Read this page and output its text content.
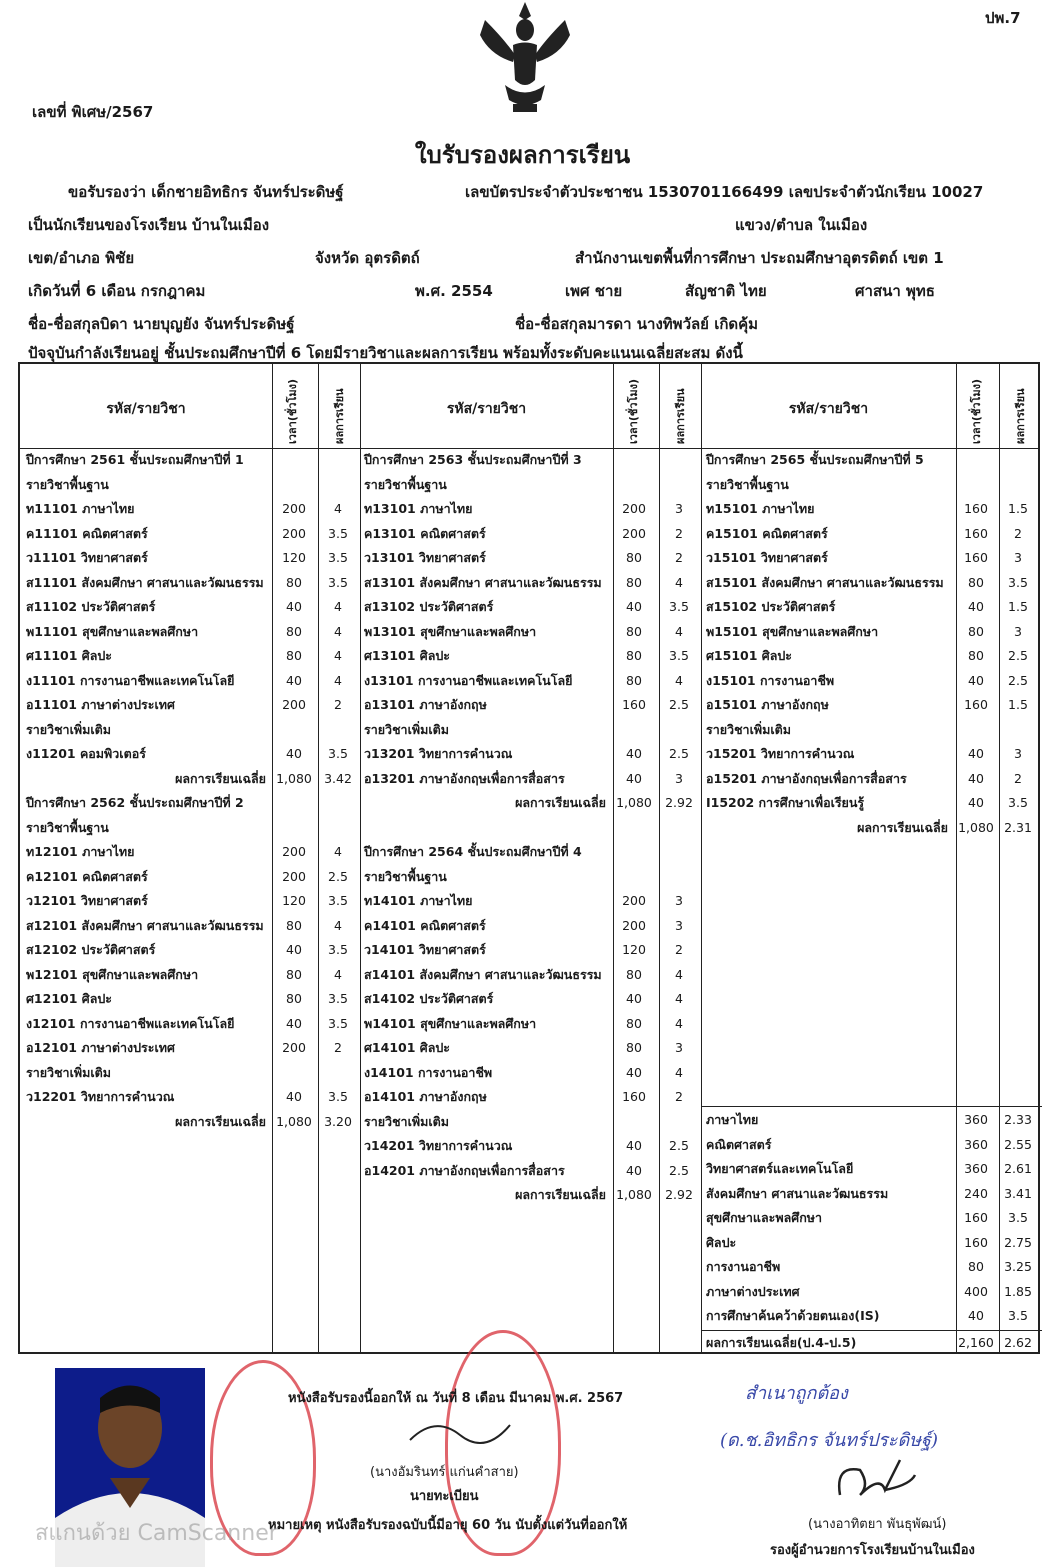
ปพ.7
เลขที่ พิเศษ/2567
ใบรับรองผลการเรียน
ขอรับรองว่า เด็กชายอิทธิกร จันทร์ประดิษฐ์	เลขบัตรประจำตัวประชาชน 1530701166499 เลขประจำตัวนักเรียน 10027
เป็นนักเรียนของโรงเรียน บ้านในเมือง	แขวง/ตำบล ในเมือง
เขต/อำเภอ พิชัย	จังหวัด อุตรดิตถ์	สำนักงานเขตพื้นที่การศึกษา ประถมศึกษาอุตรดิตถ์ เขต 1
เกิดวันที่ 6 เดือน กรกฎาคม	พ.ศ. 2554	เพศ ชาย	สัญชาติ ไทย	ศาสนา พุทธ
ชื่อ-ชื่อสกุลบิดา นายบุญยัง จันทร์ประดิษฐ์	ชื่อ-ชื่อสกุลมารดา นางทิพวัลย์ เกิดคุ้ม
ปัจจุบันกำลังเรียนอยู่ ชั้นประถมศึกษาปีที่ 6 โดยมีรายวิชาและผลการเรียน พร้อมทั้งระดับคะแนนเฉลี่ยสะสม ดังนี้
รหัส/รายวิชา	เวลา(ชั่วโมง)	ผลการเรียน	รหัส/รายวิชา	เวลา(ชั่วโมง)	ผลการเรียน	รหัส/รายวิชา	เวลา(ชั่วโมง)	ผลการเรียน
ปีการศึกษา 2561 ชั้นประถมศึกษาปีที่ 1
รายวิชาพื้นฐาน
ท11101 ภาษาไทย	200	4
ค11101 คณิตศาสตร์	200	3.5
ว11101 วิทยาศาสตร์	120	3.5
ส11101 สังคมศึกษา ศาสนาและวัฒนธรรม	80	3.5
ส11102 ประวัติศาสตร์	40	4
พ11101 สุขศึกษาและพลศึกษา	80	4
ศ11101 ศิลปะ	80	4
ง11101 การงานอาชีพและเทคโนโลยี	40	4
อ11101 ภาษาต่างประเทศ	200	2
รายวิชาเพิ่มเติม
ง11201 คอมพิวเตอร์	40	3.5
ผลการเรียนเฉลี่ย 1,080 3.42
ปีการศึกษา 2562 ชั้นประถมศึกษาปีที่ 2
รายวิชาพื้นฐาน
ท12101 ภาษาไทย	200	4
ค12101 คณิตศาสตร์	200	2.5
ว12101 วิทยาศาสตร์	120	3.5
ส12101 สังคมศึกษา ศาสนาและวัฒนธรรม	80	4
ส12102 ประวัติศาสตร์	40	3.5
พ12101 สุขศึกษาและพลศึกษา	80	4
ศ12101 ศิลปะ	80	3.5
ง12101 การงานอาชีพและเทคโนโลยี	40	3.5
อ12101 ภาษาต่างประเทศ	200	2
รายวิชาเพิ่มเติม
ว12201 วิทยาการคำนวณ	40	3.5
ผลการเรียนเฉลี่ย 1,080 3.20
ปีการศึกษา 2563 ชั้นประถมศึกษาปีที่ 3
รายวิชาพื้นฐาน
ท13101 ภาษาไทย	200	3
ค13101 คณิตศาสตร์	200	2
ว13101 วิทยาศาสตร์	80	2
ส13101 สังคมศึกษา ศาสนาและวัฒนธรรม	80	4
ส13102 ประวัติศาสตร์	40	3.5
พ13101 สุขศึกษาและพลศึกษา	80	4
ศ13101 ศิลปะ	80	3.5
ง13101 การงานอาชีพและเทคโนโลยี	80	4
อ13101 ภาษาอังกฤษ	160	2.5
รายวิชาเพิ่มเติม
ว13201 วิทยาการคำนวณ	40	2.5
อ13201 ภาษาอังกฤษเพื่อการสื่อสาร	40	3
ผลการเรียนเฉลี่ย 1,080	2.92
ปีการศึกษา 2564 ชั้นประถมศึกษาปีที่ 4
รายวิชาพื้นฐาน
ท14101 ภาษาไทย	200	3
ค14101 คณิตศาสตร์	200	3
ว14101 วิทยาศาสตร์	120	2
ส14101 สังคมศึกษา ศาสนาและวัฒนธรรม	80	4
ส14102 ประวัติศาสตร์	40	4
พ14101 สุขศึกษาและพลศึกษา	80	4
ศ14101 ศิลปะ	80	3
ง14101 การงานอาชีพ	40	4
อ14101 ภาษาอังกฤษ	160	2
รายวิชาเพิ่มเติม
ว14201 วิทยาการคำนวณ	40	2.5
อ14201 ภาษาอังกฤษเพื่อการสื่อสาร	40	2.5
ผลการเรียนเฉลี่ย 1,080	2.92
ปีการศึกษา 2565 ชั้นประถมศึกษาปีที่ 5
รายวิชาพื้นฐาน
ท15101 ภาษาไทย	160	1.5
ค15101 คณิตศาสตร์	160	2
ว15101 วิทยาศาสตร์	160	3
ส15101 สังคมศึกษา ศาสนาและวัฒนธรรม	80	3.5
ส15102 ประวัติศาสตร์	40	1.5
พ15101 สุขศึกษาและพลศึกษา	80	3
ศ15101 ศิลปะ	80	2.5
ง15101 การงานอาชีพ	40	2.5
อ15101 ภาษาอังกฤษ	160	1.5
รายวิชาเพิ่มเติม
ว15201 วิทยาการคำนวณ	40	3
อ15201 ภาษาอังกฤษเพื่อการสื่อสาร	40	2
I15202 การศึกษาเพื่อเรียนรู้	40	3.5
ผลการเรียนเฉลี่ย 1,080 2.31
ภาษาไทย	360	2.33
คณิตศาสตร์	360	2.55
วิทยาศาสตร์และเทคโนโลยี	360	2.61
สังคมศึกษา ศาสนาและวัฒนธรรม	240	3.41
สุขศึกษาและพลศึกษา	160	3.5
ศิลปะ	160	2.75
การงานอาชีพ	80	3.25
ภาษาต่างประเทศ	400	1.85
การศึกษาค้นคว้าด้วยตนเอง(IS)	40	3.5
ผลการเรียนเฉลี่ย(ป.4-ป.5)	2,160 2.62
หนังสือรับรองนี้ออกให้ ณ วันที่ 8 เดือน มีนาคม พ.ศ. 2567
(นางอัมรินทร์ แก่นคำสาย)
นายทะเบียน
หมายเหตุ หนังสือรับรองฉบับนี้มีอายุ 60 วัน นับตั้งแต่วันที่ออกให้
สำเนาถูกต้อง
(ด.ช.อิทธิกร จันทร์ประดิษฐ์)
(นางอาทิตยา พันธุพัฒน์)
รองผู้อำนวยการโรงเรียนบ้านในเมือง
สแกนด้วย CamScanner
